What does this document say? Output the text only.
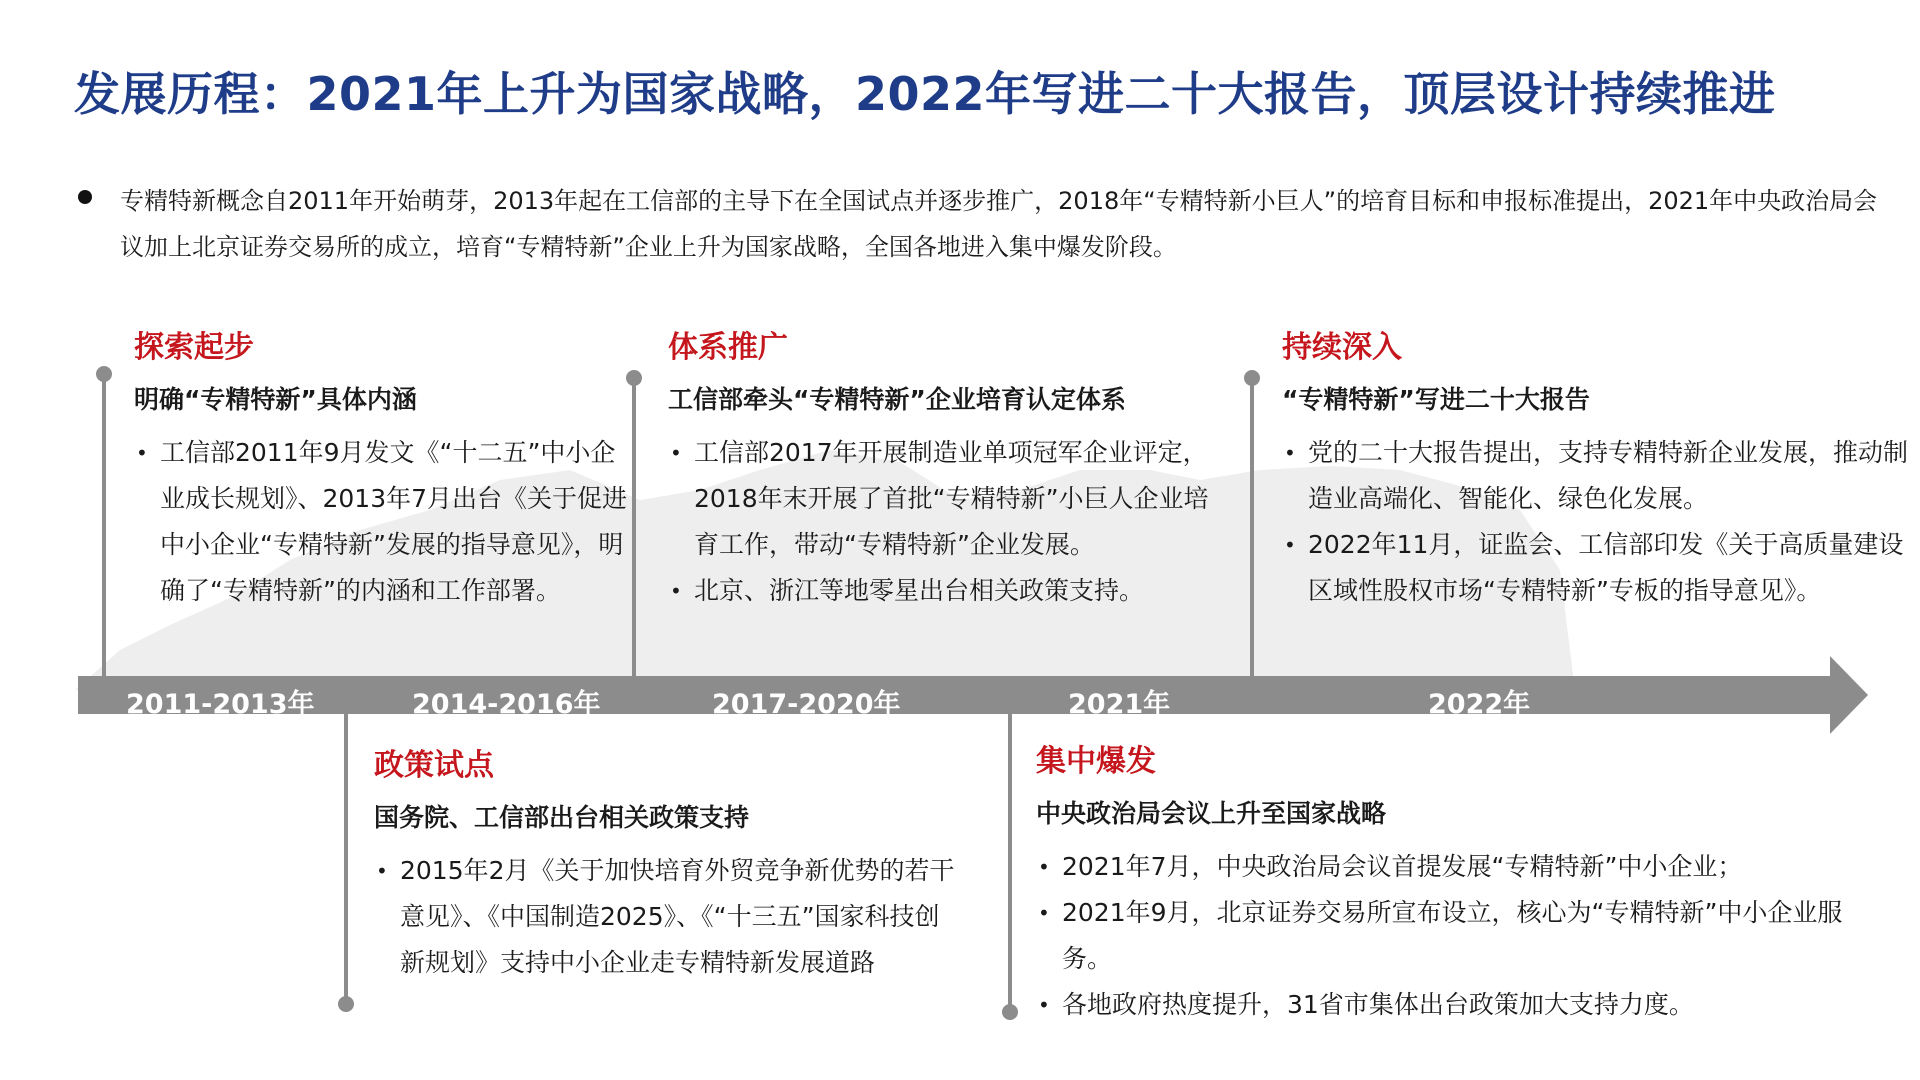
发展历程：2021年上升为国家战略，2022年写进二十大报告，顶层设计持续推进
专精特新概念自2011年开始萌芽，2013年起在工信部的主导下在全国试点并逐步推广，2018年“专精特新小巨人”的培育目标和申报标准提出，2021年中央政治局会议加上北京证券交易所的成立，培育“专精特新”企业上升为国家战略，全国各地进入集中爆发阶段。
2011-2013年	2014-2016年	2017-2020年	2021年	2022年
探索起步
明确“专精特新”具体内涵
• 工信部2011年9月发文《“十二五”中小企业成长规划》、2013年7月出台《关于促进中小企业“专精特新”发展的指导意见》，明确了“专精特新”的内涵和工作部署。
体系推广
工信部牵头“专精特新”企业培育认定体系
• 工信部2017年开展制造业单项冠军企业评定，2018年末开展了首批“专精特新”小巨人企业培育工作，带动“专精特新”企业发展。
• 北京、浙江等地零星出台相关政策支持。
持续深入
“专精特新”写进二十大报告
• 党的二十大报告提出，支持专精特新企业发展，推动制造业高端化、智能化、绿色化发展。
• 2022年11月，证监会、工信部印发《关于高质量建设区域性股权市场“专精特新”专板的指导意见》。
政策试点
国务院、工信部出台相关政策支持
• 2015年2月《关于加快培育外贸竞争新优势的若干意见》、《中国制造2025》、《“十三五”国家科技创新规划》支持中小企业走专精特新发展道路
集中爆发
中央政治局会议上升至国家战略
• 2021年7月，中央政治局会议首提发展“专精特新”中小企业；
• 2021年9月，北京证券交易所宣布设立，核心为“专精特新”中小企业服务。
• 各地政府热度提升，31省市集体出台政策加大支持力度。
